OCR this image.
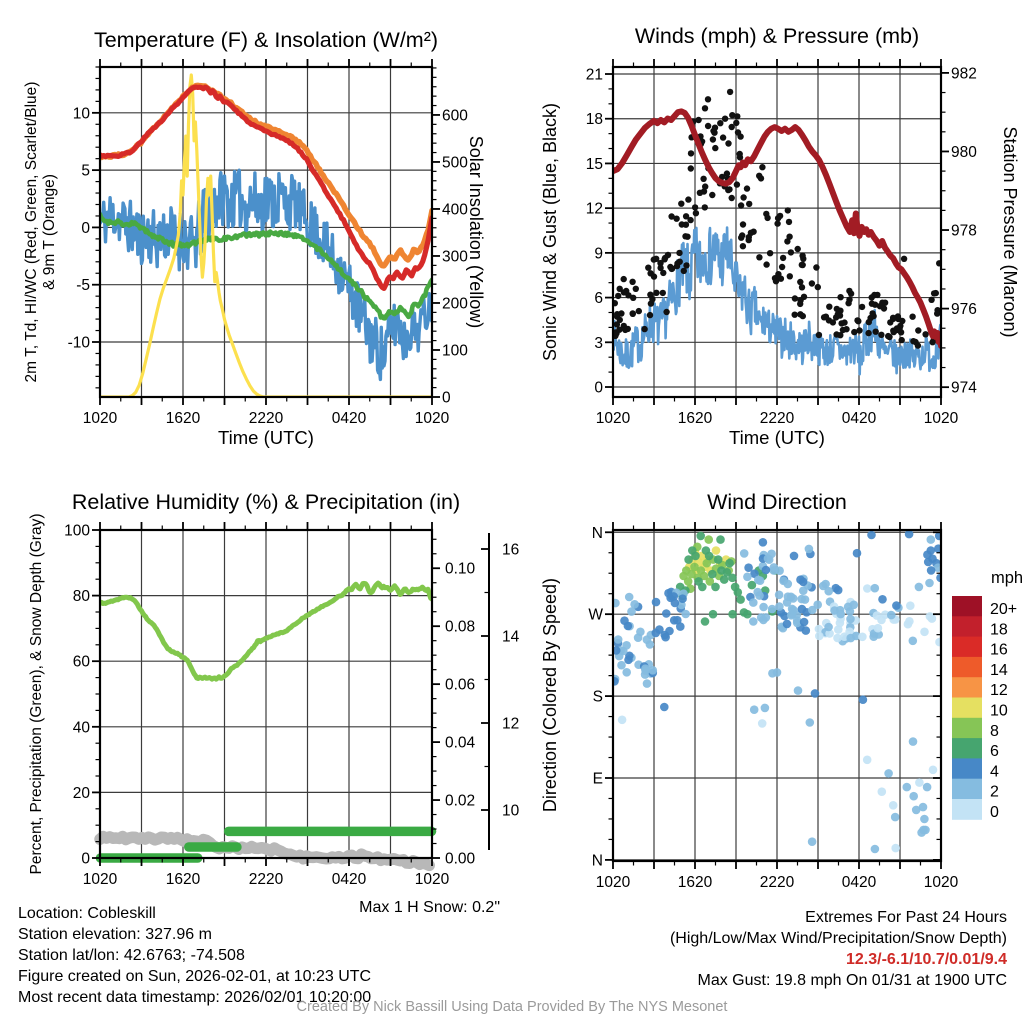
Temperature (F) & Insolation (W/m²)	Winds (mph) & Pressure (mb)
Relative Humidity (%) & Precipitation (in)	Wind Direction
2m T, Td, HI/WC (Red, Green, Scarlet/Blue) & 9m T (Orange)	Solar Insolation (Yellow)	Sonic Wind & Gust (Blue, Black)	Station Pressure (Maroon)
Percent, Precipitation (Green), & Snow Depth (Gray)	Direction (Colored By Speed)
Time (UTC)	Time (UTC)
mph
1020	1620	2220	0420	1020
-10
-5
0
5
10
0
100
200
300
400
500
600
1020	1620	2220	0420	1020
0
3
6
9
12
15
18
21
974
976
978
980
982
1020	1620	2220	0420	1020
0
20
40
60
80
100
0.00
0.02
0.04
0.06
0.08
0.10
10
12
14
16
1020	1620	2220	0420	1020
N
W
S
E
N
20+
18
16
14
12
10
8
6
4
2
0
Location: Cobleskill
Station elevation: 327.96 m
Station lat/lon: 42.6763; -74.508
Figure created on Sun, 2026-02-01, at 10:23 UTC
Most recent data timestamp: 2026/02/01 10:20:00
Max 1 H Snow: 0.2"
Extremes For Past 24 Hours
(High/Low/Max Wind/Precipitation/Snow Depth)
12.3/-6.1/10.7/0.01/9.4
Max Gust: 19.8 mph On 01/31 at 1900 UTC
Created By Nick Bassill Using Data Provided By The NYS Mesonet
